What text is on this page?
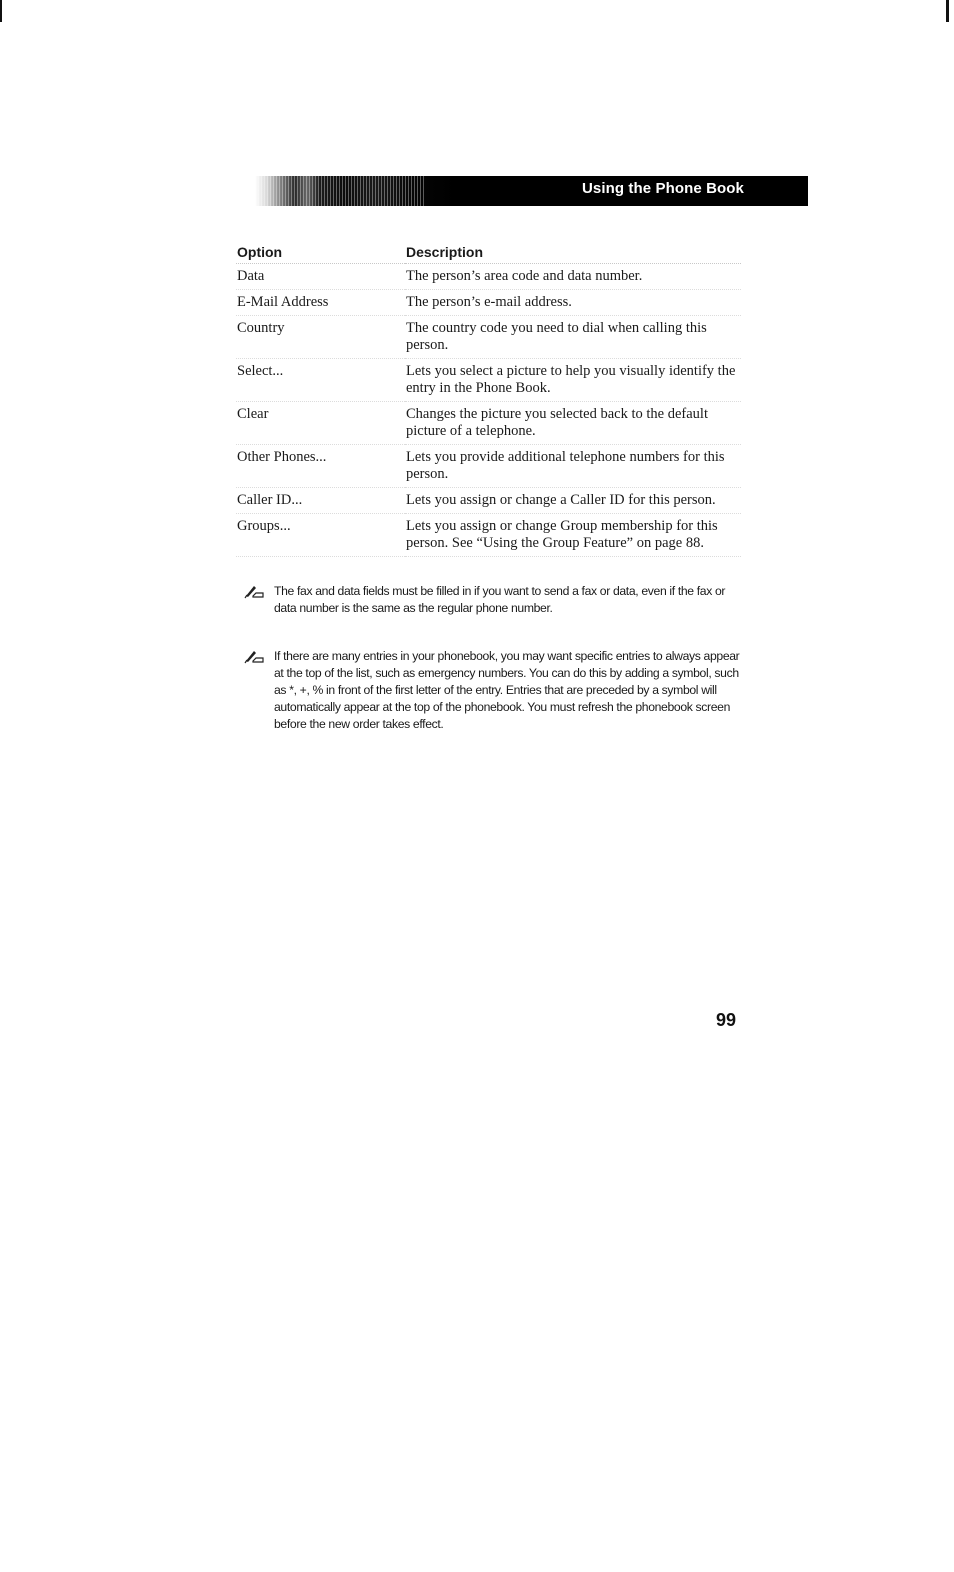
Using the Phone Book
Option	Description
Data	The person’s area code and data number.
E-Mail Address	The person’s e-mail address.
Country	The country code you need to dial when calling this person.
Select...	Lets you select a picture to help you visually identify the entry in the Phone Book.
Clear	Changes the picture you selected back to the default picture of a telephone.
Other Phones...	Lets you provide additional telephone numbers for this person.
Caller ID...	Lets you assign or change a Caller ID for this person.
Groups...	Lets you assign or change Group membership for this person. See “Using the Group Feature” on page 88.
The fax and data fields must be filled in if you want to send a fax or data, even if the fax or data number is the same as the regular phone number.
If there are many entries in your phonebook, you may want specific entries to always appear at the top of the list, such as emergency numbers. You can do this by adding a symbol, such as *, +, % in front of the first letter of the entry. Entries that are preceded by a symbol will automatically appear at the top of the phonebook. You must refresh the phonebook screen before the new order takes effect.
99
